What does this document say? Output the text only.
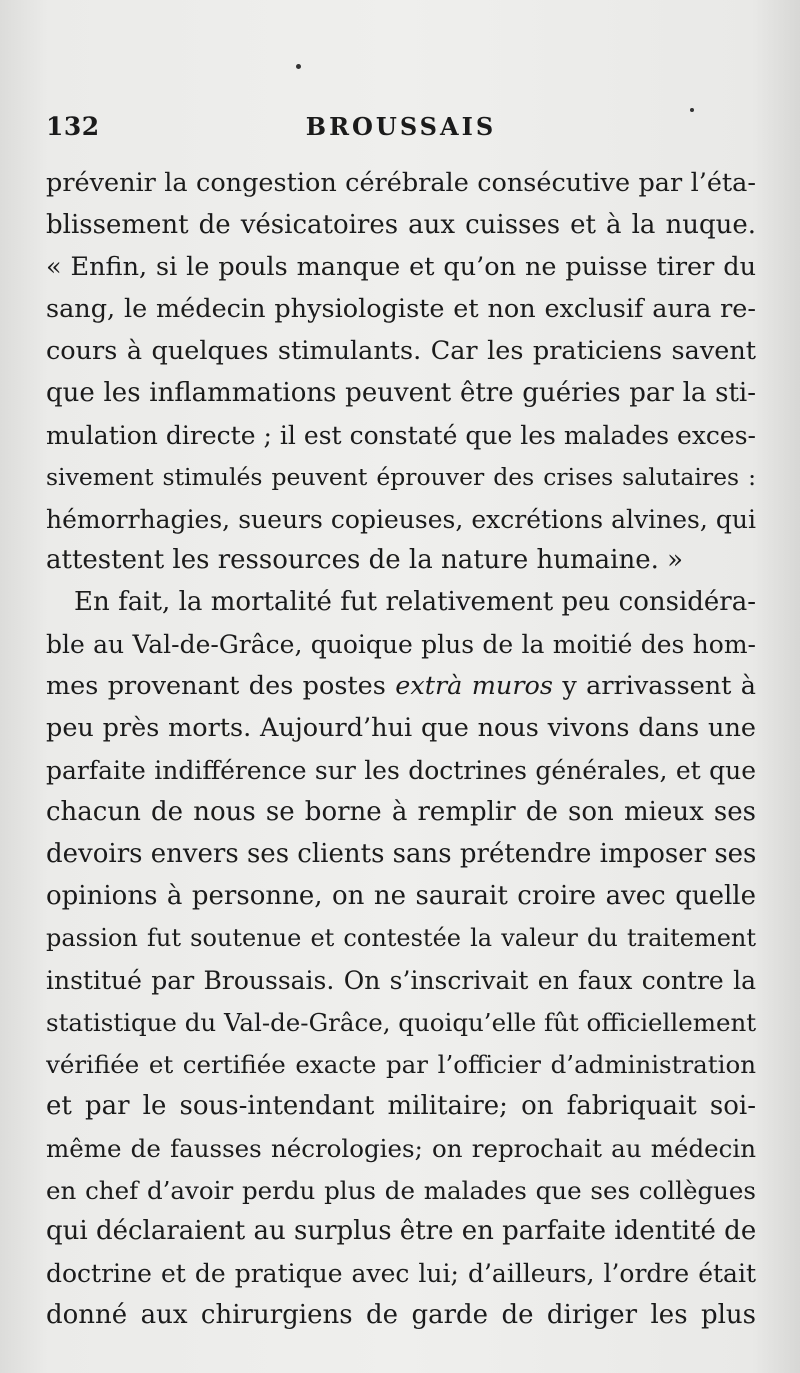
132	BROUSSAIS
prévenir la congestion cérébrale consécutive par l’éta-
blissement de vésicatoires aux cuisses et à la nuque.
« Enfin, si le pouls manque et qu’on ne puisse tirer du
sang, le médecin physiologiste et non exclusif aura re-
cours à quelques stimulants. Car les praticiens savent
que les inflammations peuvent être guéries par la sti-
mulation directe ; il est constaté que les malades exces-
sivement stimulés peuvent éprouver des crises salutaires :
hémorrhagies, sueurs copieuses, excrétions alvines, qui
attestent les ressources de la nature humaine. »
En fait, la mortalité fut relativement peu considéra-
ble au Val-de-Grâce, quoique plus de la moitié des hom-
mes provenant des postes extrà muros y arrivassent à
peu près morts. Aujourd’hui que nous vivons dans une
parfaite indifférence sur les doctrines générales, et que
chacun de nous se borne à remplir de son mieux ses
devoirs envers ses clients sans prétendre imposer ses
opinions à personne, on ne saurait croire avec quelle
passion fut soutenue et contestée la valeur du traitement
institué par Broussais. On s’inscrivait en faux contre la
statistique du Val-de-Grâce, quoiqu’elle fût officiellement
vérifiée et certifiée exacte par l’officier d’administration
et par le sous-intendant militaire; on fabriquait soi-
même de fausses nécrologies; on reprochait au médecin
en chef d’avoir perdu plus de malades que ses collègues
qui déclaraient au surplus être en parfaite identité de
doctrine et de pratique avec lui; d’ailleurs, l’ordre était
donné aux chirurgiens de garde de diriger les plus
